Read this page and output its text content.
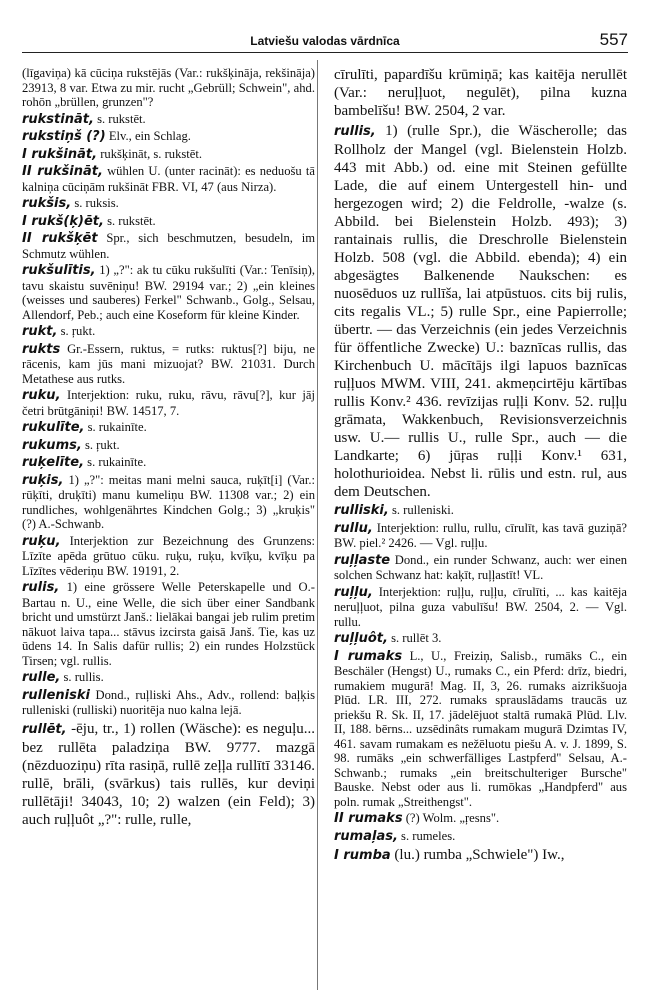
Latviešu valodas vārdnīca	557

(līgaviņa) kā cūciņa rukstējās (Var.: rukšķināja, rekšināja) 23913, 8 var. Etwa zu mir. rucht „Gebrüll; Schwein", ahd. rohōn „brüllen, grunzen"?

rukstināt, s. rukstēt.

rukstiņš (?) Elv., ein Schlag.

I rukšināt, rukšķināt, s. rukstēt.

II rukšināt, wühlen U. (unter racināt): es neduošu tā kalniņa cūciņām rukšināt FBR. VI, 47 (aus Nirza).

rukšis, s. ruksis.

I rukš(ķ)ēt, s. rukstēt.

II rukšķēt Spr., sich beschmutzen, besudeln, im Schmutz wühlen.

rukšulītis, 1) „?": ak tu cūku rukšulīti (Var.: Tenīsiņ), tavu skaistu suvēniņu! BW. 29194 var.; 2) „ein kleines (weisses und sauberes) Ferkel" Schwanb., Golg., Selsau, Allendorf, Peb.; auch eine Koseform für kleine Kinder.

rukt, s. ŗukt.

rukts Gr.-Essern, ruktus, = rutks: ruktus[?] biju, ne rācenis, kam jūs mani mizuojat? BW. 21031. Durch Metathese aus rutks.

ruku, Interjektion: ruku, ruku, rāvu, rāvu[?], kur jāj četri brūtgāniņi! BW. 14517, 7.

rukulīte, s. rukainīte.

rukums, s. ŗukt.

ruķelīte, s. rukainīte.

ruķis, 1) „?": meitas mani melni sauca, ruķīt[i] (Var.: rūķīti, druķīti) manu kumeliņu BW. 11308 var.; 2) ein rundliches, wohlgenährtes Kindchen Golg.; 3) „kruķis" (?) A.-Schwanb.

ruķu, Interjektion zur Bezeichnung des Grunzens: Līzīte apēda grūtuo cūku. ruķu, ruķu, kvīķu, kvīķu pa Līzītes vēderiņu BW. 19191, 2.

rulis, 1) eine grössere Welle Peterskapelle und O.-Bartau n. U., eine Welle, die sich über einer Sandbank bricht und umstürzt Janš.: lielākai bangai jeb rulim pretim nākuot laiva tapa... stāvus izcirsta gaisā Janš. Tie, kas uz ūdens 14. In Salis dafür rullis; 2) ein rundes Holzstück Tirsen; vgl. rullis.

rulle, s. rullis.

rulleniski Dond., ruļliski Ahs., Adv., rollend: baļķis rulleniski (rulliski) nuoritēja nuo kalna lejā.

rullēt, -ēju, tr., 1) rollen (Wäsche): es neguļu... bez rullēta paladziņa BW. 9777. mazgā (nēzduoziņu) rīta rasiņā, rullē zeļļa rullītī 33146. rullē, brāli, (svārkus) tais rullēs, kur deviņi rullētāji! 34043, 10; 2) walzen (ein Feld); 3) auch ruļļuôt „?": rulle, rulle,

cīrulīti, papardīšu krūmiņā; kas kaitēja nerullēt (Var.: neruļļuot, negulēt), pilna kuzna bambelīšu! BW. 2504, 2 var.

rullis, 1) (rulle Spr.), die Wäscherolle; das Rollholz der Mangel (vgl. Bielenstein Holzb. 443 mit Abb.) od. eine mit Steinen gefüllte Lade, die auf einem Untergestell hin- und hergezogen wird; 2) die Feldrolle, -walze (s. Abbild. bei Bielenstein Holzb. 493); 3) rantainais rullis, die Dreschrolle Bielenstein Holzb. 508 (vgl. die Abbild. ebenda); 4) ein abgesägtes Balkenende Naukschen: es nuosēduos uz rullīša, lai atpūstuos. cits bij rulis, cits regalis VL.; 5) rulle Spr., eine Papierrolle; übertr. — das Verzeichnis (ein jedes Verzeichnis für öffentliche Zwecke) U.: baznīcas rullis, das Kirchenbuch U. mācītājs ilgi lapuos baznīcas ruļļuos MWM. VIII, 241. akmeņcirtēju kārtības rullis Konv.² 436. revīzijas ruļļi Konv. 52. ruļļu grāmata, Wakkenbuch, Revisionsverzeichnis usw. U.— rullis U., rulle Spr., auch — die Landkarte; 6) jūŗas ruļļi Konv.¹ 631, holothurioidea. Nebst li. rūlis und estn. rul, aus dem Deutschen.

rulliski, s. rulleniski.

rullu, Interjektion: rullu, rullu, cīrulīt, kas tavā guziņā? BW. piel.² 2426. — Vgl. ruļļu.

ruļļaste Dond., ein runder Schwanz, auch: wer einen solchen Schwanz hat: kaķīt, ruļļastīt! VL.

ruļļu, Interjektion: ruļļu, ruļļu, cīrulīti, ... kas kaitēja neruļļuot, pilna guza vabulīšu! BW. 2504, 2. — Vgl. rullu.

ruļļuôt, s. rullēt 3.

I rumaks L., U., Freiziņ, Salisb., rumāks C., ein Beschäler (Hengst) U., rumaks C., ein Pferd: drīz, biedri, rumakiem mugurā! Mag. II, 3, 26. rumaks aizrikšuoja Plūd. LR. III, 272. rumaks sprauslādams traucās uz priekšu R. Sk. II, 17. jādelējuot staltā rumakā Plūd. Llv. II, 188. bērns... uzsēdinâts rumakam mugurā Dzimtas IV, 461. savam rumakam es nežēluotu piešu A. v. J. 1899, S. 98. rumāks „ein schwerfälliges Lastpferd" Selsau, A.-Schwanb.; rumaks „ein breitschulteriger Bursche" Bauske. Nebst oder aus li. rumōkas „Handpferd" aus poln. rumak „Streithengst".

II rumaks (?) Wolm. „ŗesns".

rumaļas, s. rumeles.

I rumba (lu.) rumba „Schwiele") Iw.,
